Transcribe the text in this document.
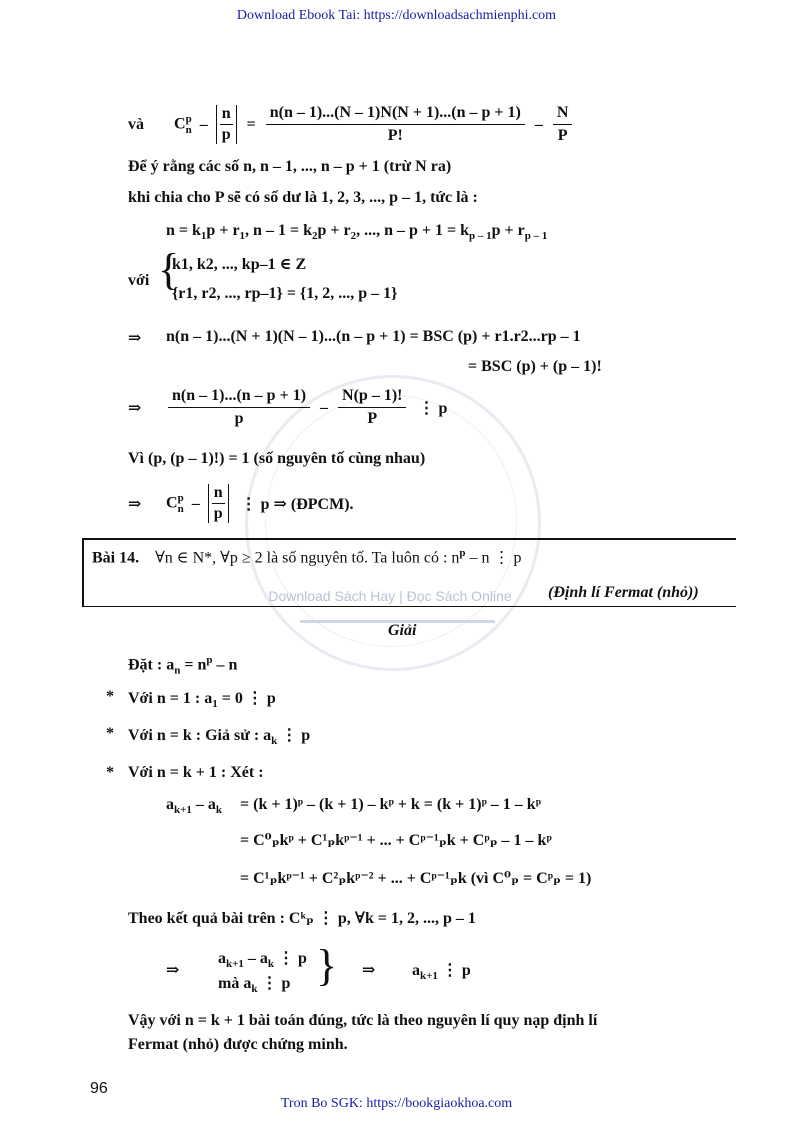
Download Ebook Tai: https://downloadsachmienphi.com
Download Sách Hay | Đọc Sách Online
và C p
$n - \frac{n}{p} = \frac{n(n - 1)...(N - 1)N(N + 1)...(n - p + 1)}{P!} - \frac{N}{P}$
Để ý rằng các số n, n – 1, ..., n – p + 1 (trừ N ra)
khi chia cho P sẽ có số dư là 1, 2, 3, ..., p – 1, tức là :
$n = k_1p + r_1$, $n - 1 = k_2p + r_2$, ..., $n - p + 1 = k_{p - 1}p + r_{p - 1}$
với {
k1, k2, ..., kp–1 ∈ Z
{r1, r2, ..., rp–1} = {1, 2, ..., p – 1}
⇒ n(n – 1)...(N + 1)(N – 1)...(n – p + 1) = BSC (p) + r1.r2...rp – 1
= BSC (p) + (p – 1)!
⇒ $\frac{n(n - 1)...(n - p + 1)}{p} - \frac{N(p - 1)!}{P}$ ⋮ p
Vì (p, (p – 1)!) = 1 (số nguyên tố cùng nhau)
⇒ C p
n – $\frac{n}{p}$ ⋮ p ⇒ (ĐPCM).
Bài 14. ∀n ∈ N*, ∀p ≥ 2 là số nguyên tố. Ta luôn có : $n^p$ – n ⋮ p
(Định lí Fermat (nhỏ))
Giải
Đặt : $a_n = n^p - n$
* Với n = 1 : $a_1 = 0$ ⋮ p
* Với n = k : Giả sử : $a_k$ ⋮ p
* Với n = k + 1 : Xét :
$a_{k+1} - a_k = (k$ + 1)ᵖ – (k + 1) – kᵖ + k = (k + 1)ᵖ – 1 – kᵖ
= C⁰ₚkᵖ + C¹ₚkᵖ⁻¹ + ... + Cᵖ⁻¹ₚk + Cᵖₚ – 1 – kᵖ
= C¹ₚkᵖ⁻¹ + C²ₚkᵖ⁻² + ... + Cᵖ⁻¹ₚk (vì C⁰ₚ = Cᵖₚ = 1)
Theo kết quả bài trên : Cᵏₚ ⋮ p, ∀k = 1, 2, ..., p – 1
⇒
$a_{k+1} - a_k$ ⋮ p
mà $a_k$ ⋮ p } ⇒ $a_{k+1}$ ⋮ p
Vậy với n = k + 1 bài toán đúng, tức là theo nguyên lí quy nạp định lí
Fermat (nhỏ) được chứng minh.
96
Tron Bo SGK: https://bookgiaokhoa.com
